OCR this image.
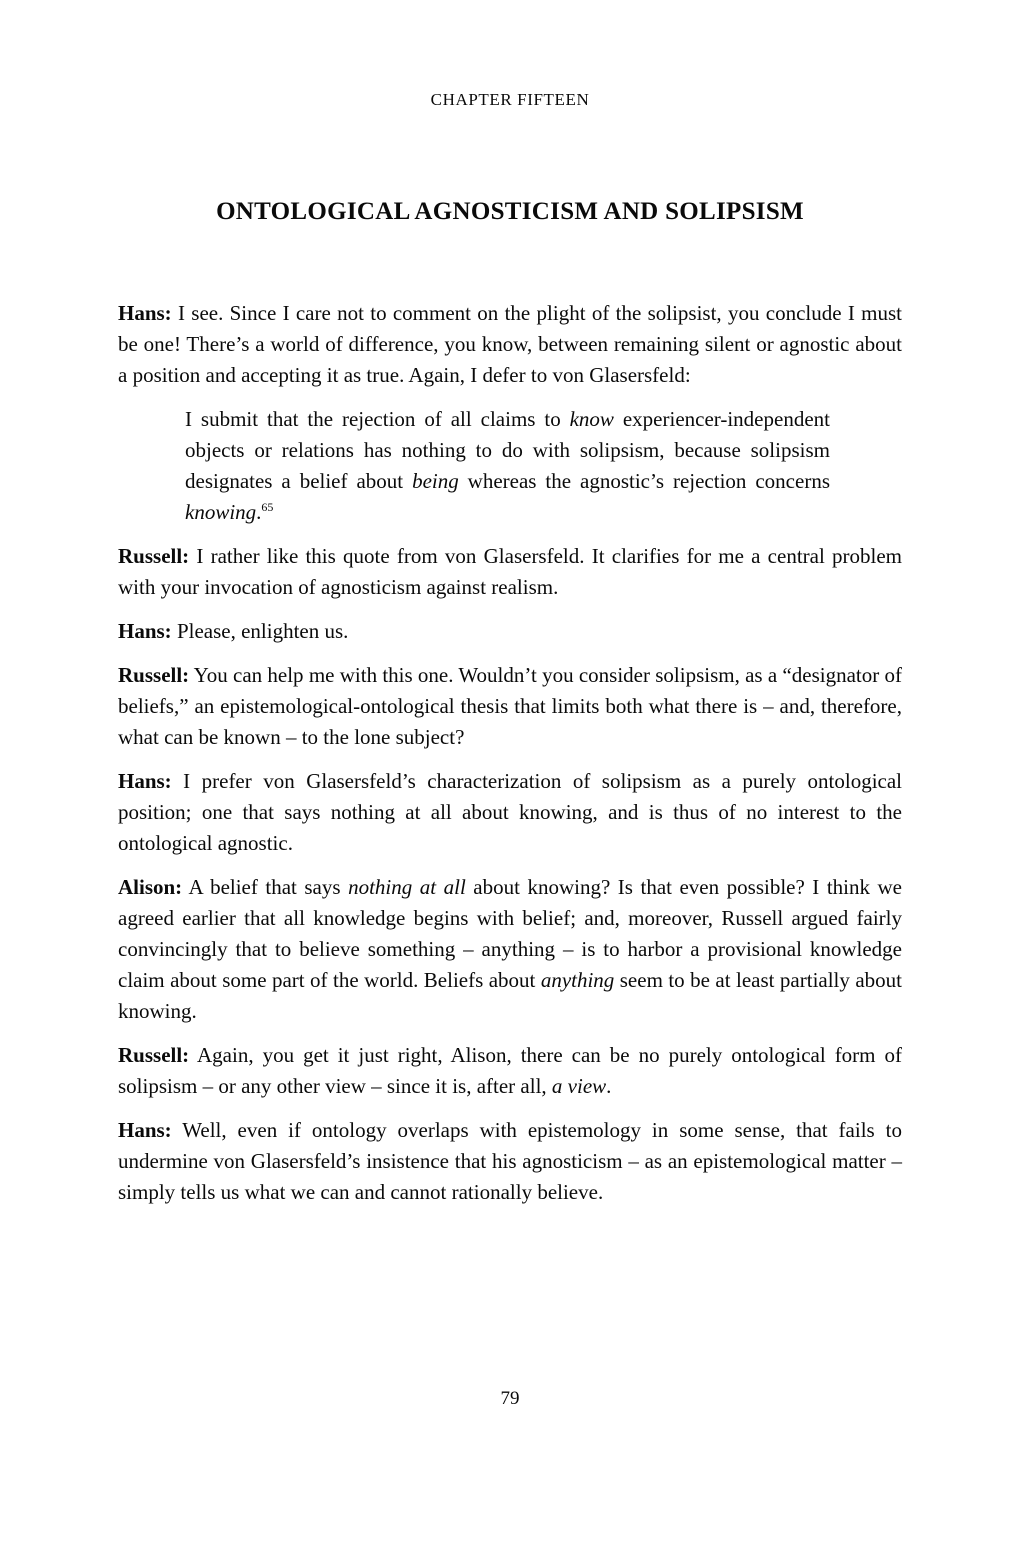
CHAPTER FIFTEEN
ONTOLOGICAL AGNOSTICISM AND SOLIPSISM

Hans: I see. Since I care not to comment on the plight of the solipsist, you conclude I must be one! There’s a world of difference, you know, between remaining silent or agnostic about a position and accepting it as true. Again, I defer to von Glasersfeld:

I submit that the rejection of all claims to know experiencer-independent objects or relations has nothing to do with solipsism, because solipsism designates a belief about being whereas the agnostic’s rejection concerns knowing.$^{65}$

Russell: I rather like this quote from von Glasersfeld. It clarifies for me a central problem with your invocation of agnosticism against realism.

Hans: Please, enlighten us.

Russell: You can help me with this one. Wouldn’t you consider solipsism, as a “designator of beliefs,” an epistemological-ontological thesis that limits both what there is – and, therefore, what can be known – to the lone subject?

Hans: I prefer von Glasersfeld’s characterization of solipsism as a purely ontological position; one that says nothing at all about knowing, and is thus of no interest to the ontological agnostic.

Alison: A belief that says nothing at all about knowing? Is that even possible? I think we agreed earlier that all knowledge begins with belief; and, moreover, Russell argued fairly convincingly that to believe something – anything – is to harbor a provisional knowledge claim about some part of the world. Beliefs about anything seem to be at least partially about knowing.

Russell: Again, you get it just right, Alison, there can be no purely ontological form of solipsism – or any other view – since it is, after all, a view.

Hans: Well, even if ontology overlaps with epistemology in some sense, that fails to undermine von Glasersfeld’s insistence that his agnosticism – as an epistemological matter – simply tells us what we can and cannot rationally believe.

79
